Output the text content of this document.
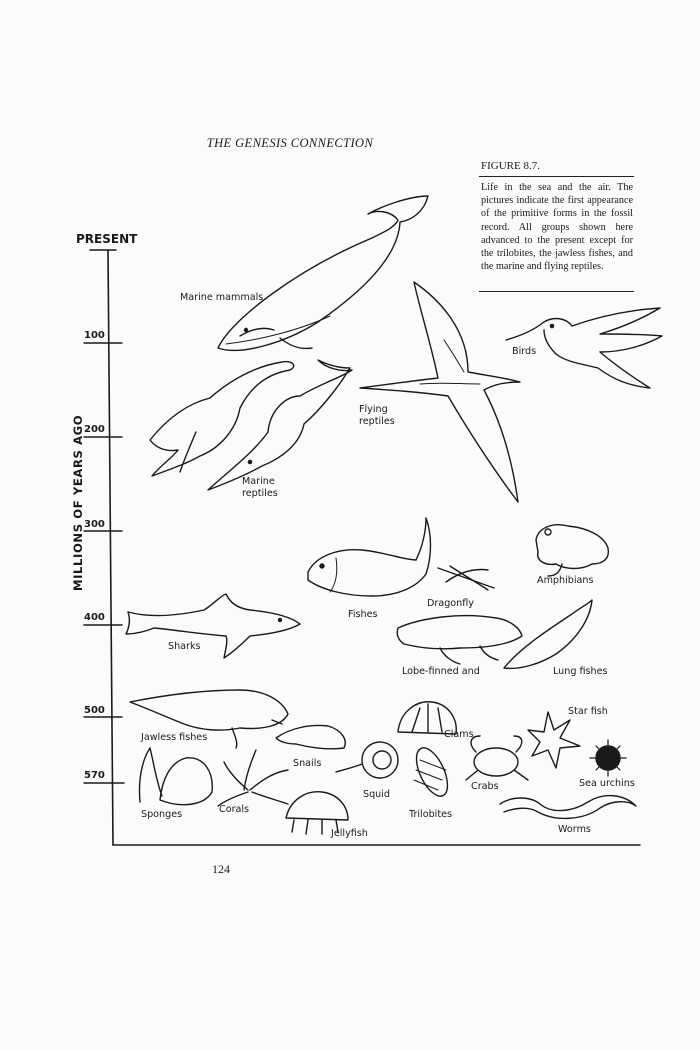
THE GENESIS CONNECTION
FIGURE 8.7.
Life in the sea and the air. The pictures indicate the first appearance of the primitive forms in the fossil record. All groups shown here advanced to the present except for the trilobites, the jawless fishes, and the marine and flying reptiles.
PRESENT
MILLIONS OF YEARS AGO
100
200
300
400
500
570
Marine mammals
Birds
Flying reptiles
Marine reptiles
Amphibians
Fishes
Dragonfly
Sharks
Lobe-finned and	Lung fishes
Jawless fishes
Snails
Clams
Star fish
Squid
Crabs	Sea urchins
Sponges	Corals
Jellyfish
Trilobites
Worms
124
